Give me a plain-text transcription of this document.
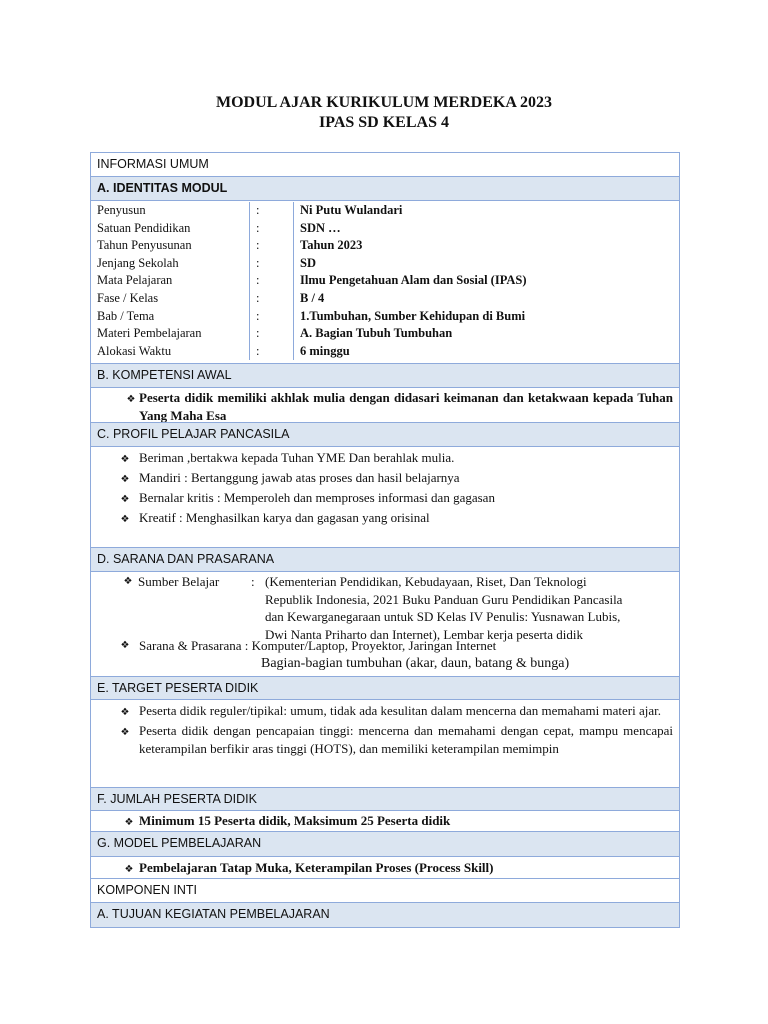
MODUL AJAR KURIKULUM MERDEKA 2023
IPAS SD KELAS 4
INFORMASI UMUM
A. IDENTITAS MODUL
Penyusun
Satuan Pendidikan
Tahun Penyusunan
Jenjang Sekolah
Mata Pelajaran
Fase / Kelas
Bab / Tema
Materi Pembelajaran
Alokasi Waktu
:
:
:
:
:
:
:
:
:
Ni Putu Wulandari
SDN …
Tahun 2023
SD
Ilmu Pengetahuan Alam dan Sosial (IPAS)
B / 4
1.Tumbuhan, Sumber Kehidupan di Bumi
A. Bagian Tubuh Tumbuhan
6 minggu
B. KOMPETENSI AWAL
❖ Peserta didik memiliki akhlak mulia dengan didasari keimanan dan ketakwaan kepada Tuhan Yang Maha Esa
C. PROFIL PELAJAR PANCASILA
❖ Beriman ,bertakwa kepada Tuhan YME Dan berahlak mulia.
❖ Mandiri : Bertanggung jawab atas proses dan hasil belajarnya
❖ Bernalar kritis : Memperoleh dan memproses informasi dan gagasan
❖ Kreatif : Menghasilkan karya dan gagasan yang orisinal
D. SARANA DAN PRASARANA
❖ Sumber Belajar : (Kementerian Pendidikan, Kebudayaan, Riset, Dan Teknologi
Republik Indonesia, 2021 Buku Panduan Guru Pendidikan Pancasila
dan Kewarganegaraan untuk SD Kelas IV Penulis: Yusnawan Lubis,
Dwi Nanta Priharto dan Internet), Lembar kerja peserta didik
❖ Sarana & Prasarana : Komputer/Laptop, Proyektor, Jaringan Internet
Bagian-bagian tumbuhan (akar, daun, batang & bunga)
E. TARGET PESERTA DIDIK
❖ Peserta didik reguler/tipikal: umum, tidak ada kesulitan dalam mencerna dan memahami materi ajar.
❖ Peserta didik dengan pencapaian tinggi: mencerna dan memahami dengan cepat, mampu mencapai keterampilan berfikir aras tinggi (HOTS), dan memiliki keterampilan memimpin
F. JUMLAH PESERTA DIDIK
❖ Minimum 15 Peserta didik, Maksimum 25 Peserta didik
G. MODEL PEMBELAJARAN
❖ Pembelajaran Tatap Muka, Keterampilan Proses (Process Skill)
KOMPONEN INTI
A. TUJUAN KEGIATAN PEMBELAJARAN
